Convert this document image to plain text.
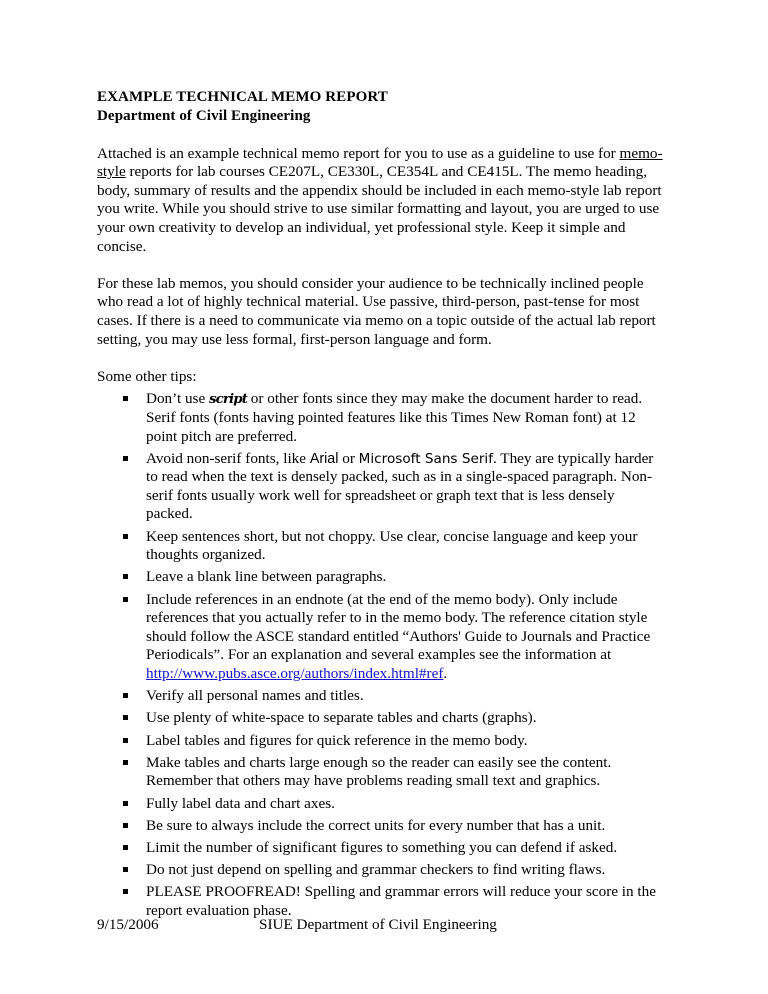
EXAMPLE TECHNICAL MEMO REPORT
Department of Civil Engineering

Attached is an example technical memo report for you to use as a guideline to use for memo-style reports for lab courses CE207L, CE330L, CE354L and CE415L. The memo heading, body, summary of results and the appendix should be included in each memo-style lab report you write. While you should strive to use similar formatting and layout, you are urged to use your own creativity to develop an individual, yet professional style. Keep it simple and concise.

For these lab memos, you should consider your audience to be technically inclined people who read a lot of highly technical material. Use passive, third-person, past-tense for most cases. If there is a need to communicate via memo on a topic outside of the actual lab report setting, you may use less formal, first-person language and form.

Some other tips:

Don’t use script or other fonts since they may make the document harder to read. Serif fonts (fonts having pointed features like this Times New Roman font) at 12 point pitch are preferred.
Avoid non-serif fonts, like Arial or Microsoft Sans Serif. They are typically harder to read when the text is densely packed, such as in a single-spaced paragraph. Non-serif fonts usually work well for spreadsheet or graph text that is less densely packed.
Keep sentences short, but not choppy. Use clear, concise language and keep your thoughts organized.
Leave a blank line between paragraphs.
Include references in an endnote (at the end of the memo body). Only include references that you actually refer to in the memo body. The reference citation style should follow the ASCE standard entitled “Authors' Guide to Journals and Practice Periodicals”. For an explanation and several examples see the information at http://www.pubs.asce.org/authors/index.html#ref.
Verify all personal names and titles.
Use plenty of white-space to separate tables and charts (graphs).
Label tables and figures for quick reference in the memo body.
Make tables and charts large enough so the reader can easily see the content. Remember that others may have problems reading small text and graphics.
Fully label data and chart axes.
Be sure to always include the correct units for every number that has a unit.
Limit the number of significant figures to something you can defend if asked.
Do not just depend on spelling and grammar checkers to find writing flaws.
PLEASE PROOFREAD! Spelling and grammar errors will reduce your score in the report evaluation phase.
9/15/2006	SIUE Department of Civil Engineering
